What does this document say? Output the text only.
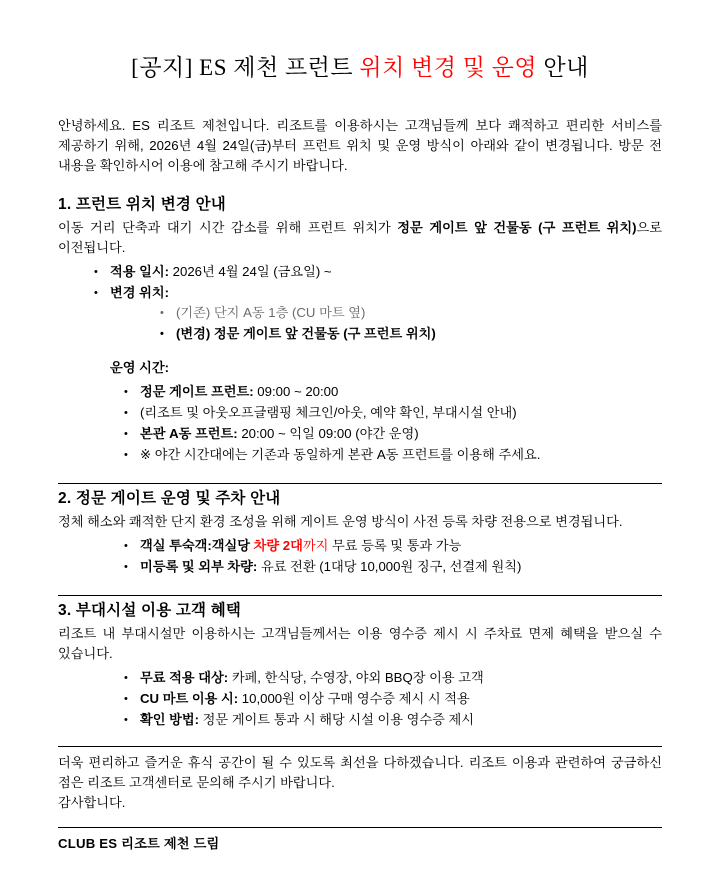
[공지] ES 제천 프런트 위치 변경 및 운영 안내

안녕하세요. ES 리조트 제천입니다. 리조트를 이용하시는 고객님들께 보다 쾌적하고 편리한 서비스를 제공하기 위해, 2026년 4월 24일(금)부터 프런트 위치 및 운영 방식이 아래와 같이 변경됩니다. 방문 전 내용을 확인하시어 이용에 참고해 주시기 바랍니다.

1. 프런트 위치 변경 안내

이동 거리 단축과 대기 시간 감소를 위해 프런트 위치가 정문 게이트 앞 건물동 (구 프런트 위치)으로 이전됩니다.

• 적용 일시: 2026년 4월 24일 (금요일) ~
• 변경 위치:
• (기존) 단지 A동 1층 (CU 마트 옆)
• (변경) 정문 게이트 앞 건물동 (구 프런트 위치)

운영 시간:

• 정문 게이트 프런트: 09:00 ~ 20:00
• (리조트 및 아웃오프글램핑 체크인/아웃, 예약 확인, 부대시설 안내)
• 본관 A동 프런트: 20:00 ~ 익일 09:00 (야간 운영)
• ※ 야간 시간대에는 기존과 동일하게 본관 A동 프런트를 이용해 주세요.
2. 정문 게이트 운영 및 주차 안내

정체 해소와 쾌적한 단지 환경 조성을 위해 게이트 운영 방식이 사전 등록 차량 전용으로 변경됩니다.

• 객실 투숙객:객실당 차량 2대까지 무료 등록 및 통과 가능
• 미등록 및 외부 차량: 유료 전환 (1대당 10,000원 징구, 선결제 원칙)
3. 부대시설 이용 고객 혜택

리조트 내 부대시설만 이용하시는 고객님들께서는 이용 영수증 제시 시 주차료 면제 혜택을 받으실 수 있습니다.

• 무료 적용 대상: 카페, 한식당, 수영장, 야외 BBQ장 이용 고객
• CU 마트 이용 시: 10,000원 이상 구매 영수증 제시 시 적용
• 확인 방법: 정문 게이트 통과 시 해당 시설 이용 영수증 제시

더욱 편리하고 즐거운 휴식 공간이 될 수 있도록 최선을 다하겠습니다. 리조트 이용과 관련하여 궁금하신 점은 리조트 고객센터로 문의해 주시기 바랍니다.

감사합니다.

CLUB ES 리조트 제천 드림
